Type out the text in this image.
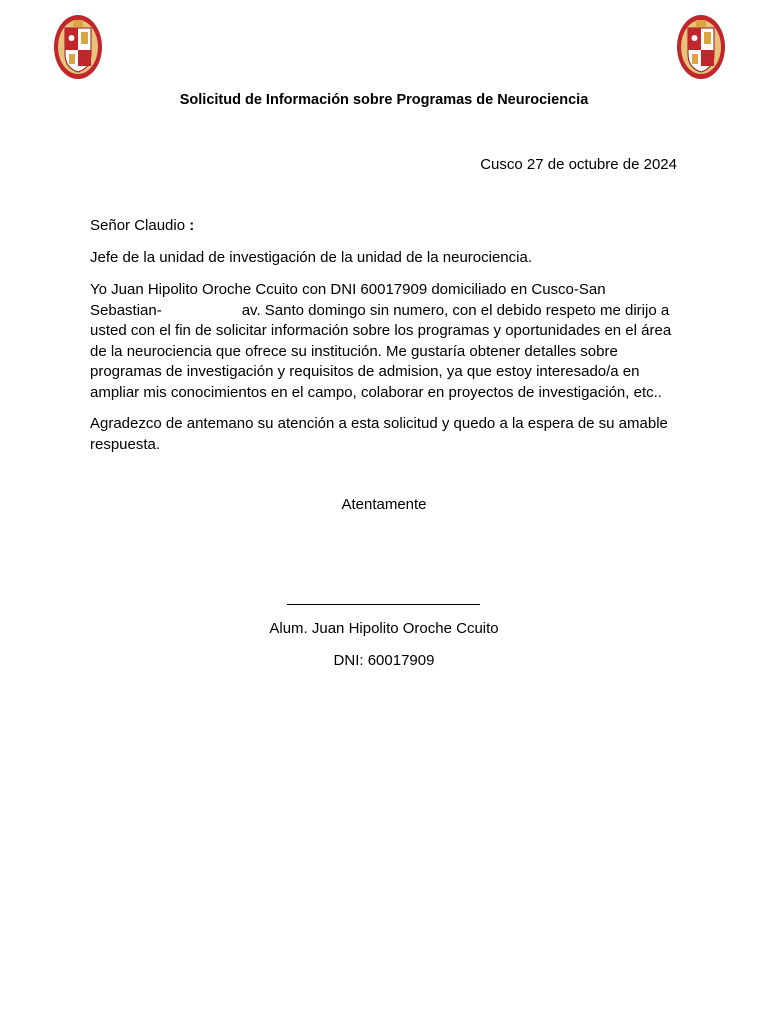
Solicitud de Información sobre Programas de Neurociencia
Cusco 27 de octubre de 2024
Señor Claudio :
Jefe de la unidad de investigación de la unidad de la neurociencia.
Yo Juan Hipolito Oroche Ccuito con DNI 60017909 domiciliado en Cusco-San
Sebastian-	av. Santo domingo sin numero, con el debido respeto me dirijo a
usted con el fin de solicitar información sobre los programas y oportunidades en el área
de la neurociencia que ofrece su institución. Me gustaría obtener detalles sobre
programas de investigación y requisitos de admision, ya que estoy interesado/a en
ampliar mis conocimientos en el campo, colaborar en proyectos de investigación, etc..
Agradezco de antemano su atención a esta solicitud y quedo a la espera de su amable respuesta.
Atentamente
Alum. Juan Hipolito Oroche Ccuito
DNI: 60017909
